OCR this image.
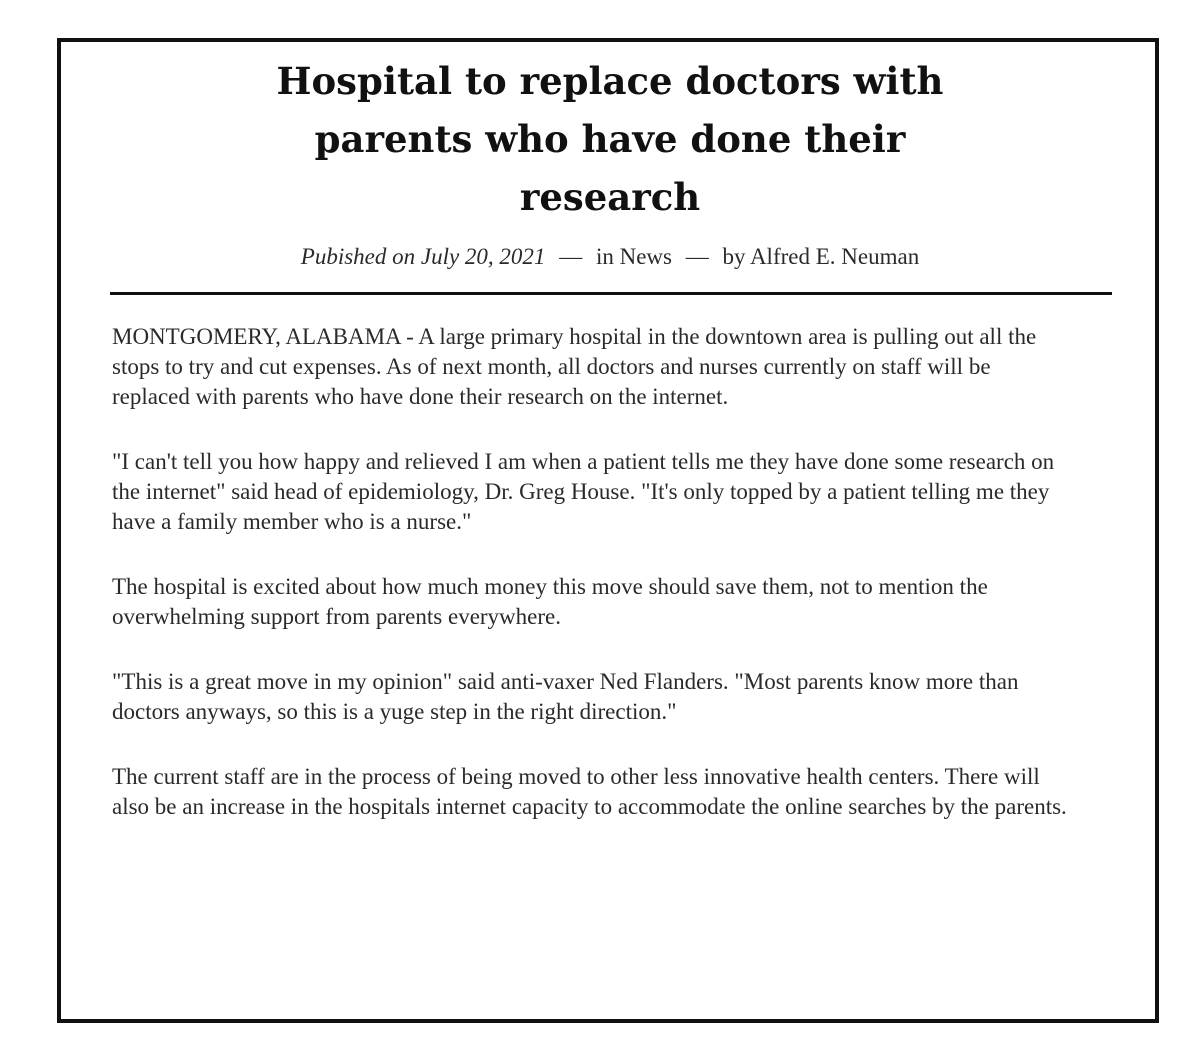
Hospital to replace doctors with
parents who have done their
research
Pubished on July 20, 2021 — in News — by Alfred E. Neuman

MONTGOMERY, ALABAMA - A large primary hospital in the downtown area is pulling out all the stops to try and cut expenses. As of next month, all doctors and nurses currently on staff will be replaced with parents who have done their research on the internet.

"I can't tell you how happy and relieved I am when a patient tells me they have done some research on the internet" said head of epidemiology, Dr. Greg House. "It's only topped by a patient telling me they have a family member who is a nurse."

The hospital is excited about how much money this move should save them, not to mention the overwhelming support from parents everywhere.

"This is a great move in my opinion" said anti-vaxer Ned Flanders. "Most parents know more than doctors anyways, so this is a yuge step in the right direction."

The current staff are in the process of being moved to other less innovative health centers. There will also be an increase in the hospitals internet capacity to accommodate the online searches by the parents.
